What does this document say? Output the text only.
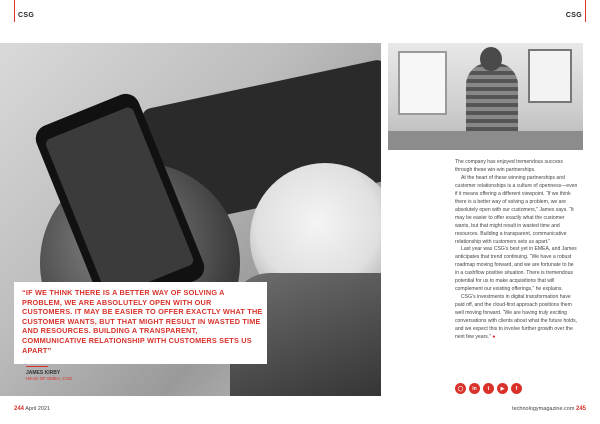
CSG	CSG
“IF WE THINK THERE IS A BETTER WAY OF SOLVING A PROBLEM, WE ARE ABSOLUTELY OPEN WITH OUR CUSTOMERS. IT MAY BE EASIER TO OFFER EXACTLY WHAT THE CUSTOMER WANTS, BUT THAT MIGHT RESULT IN WASTED TIME AND RESOURCES. BUILDING A TRANSPARENT, COMMUNICATIVE RELATIONSHIP WITH CUSTOMERS SETS US APART”
JAMES KIRBY
HEAD OF EMEA, CSG

The company has enjoyed tremendous success through these win-win partnerships.

At the heart of these winning partnerships and customer relationships is a culture of openness—even if it means offering a different viewpoint. “If we think there is a better way of solving a problem, we are absolutely open with our customers,” James says. “It may be easier to offer exactly what the customer wants, but that might result in wasted time and resources. Building a transparent, communicative relationship with customers sets us apart.”

Last year was CSG’s best yet in EMEA, and James anticipates that trend continuing. “We have a robust roadmap moving forward, and we are fortunate to be in a cashflow positive situation. There is tremendous potential for us to make acquisitions that will complement our existing offerings,” he explains.

CSG’s investments in digital transformation have paid off, and the cloud-first approach positions them well moving forward. “We are having truly exciting conversations with clients about what the future holds, and we expect this to involve further growth over the next few years.” ●

◯	in	t	▶	f
244 April 2021	technologymagazine.com 245
